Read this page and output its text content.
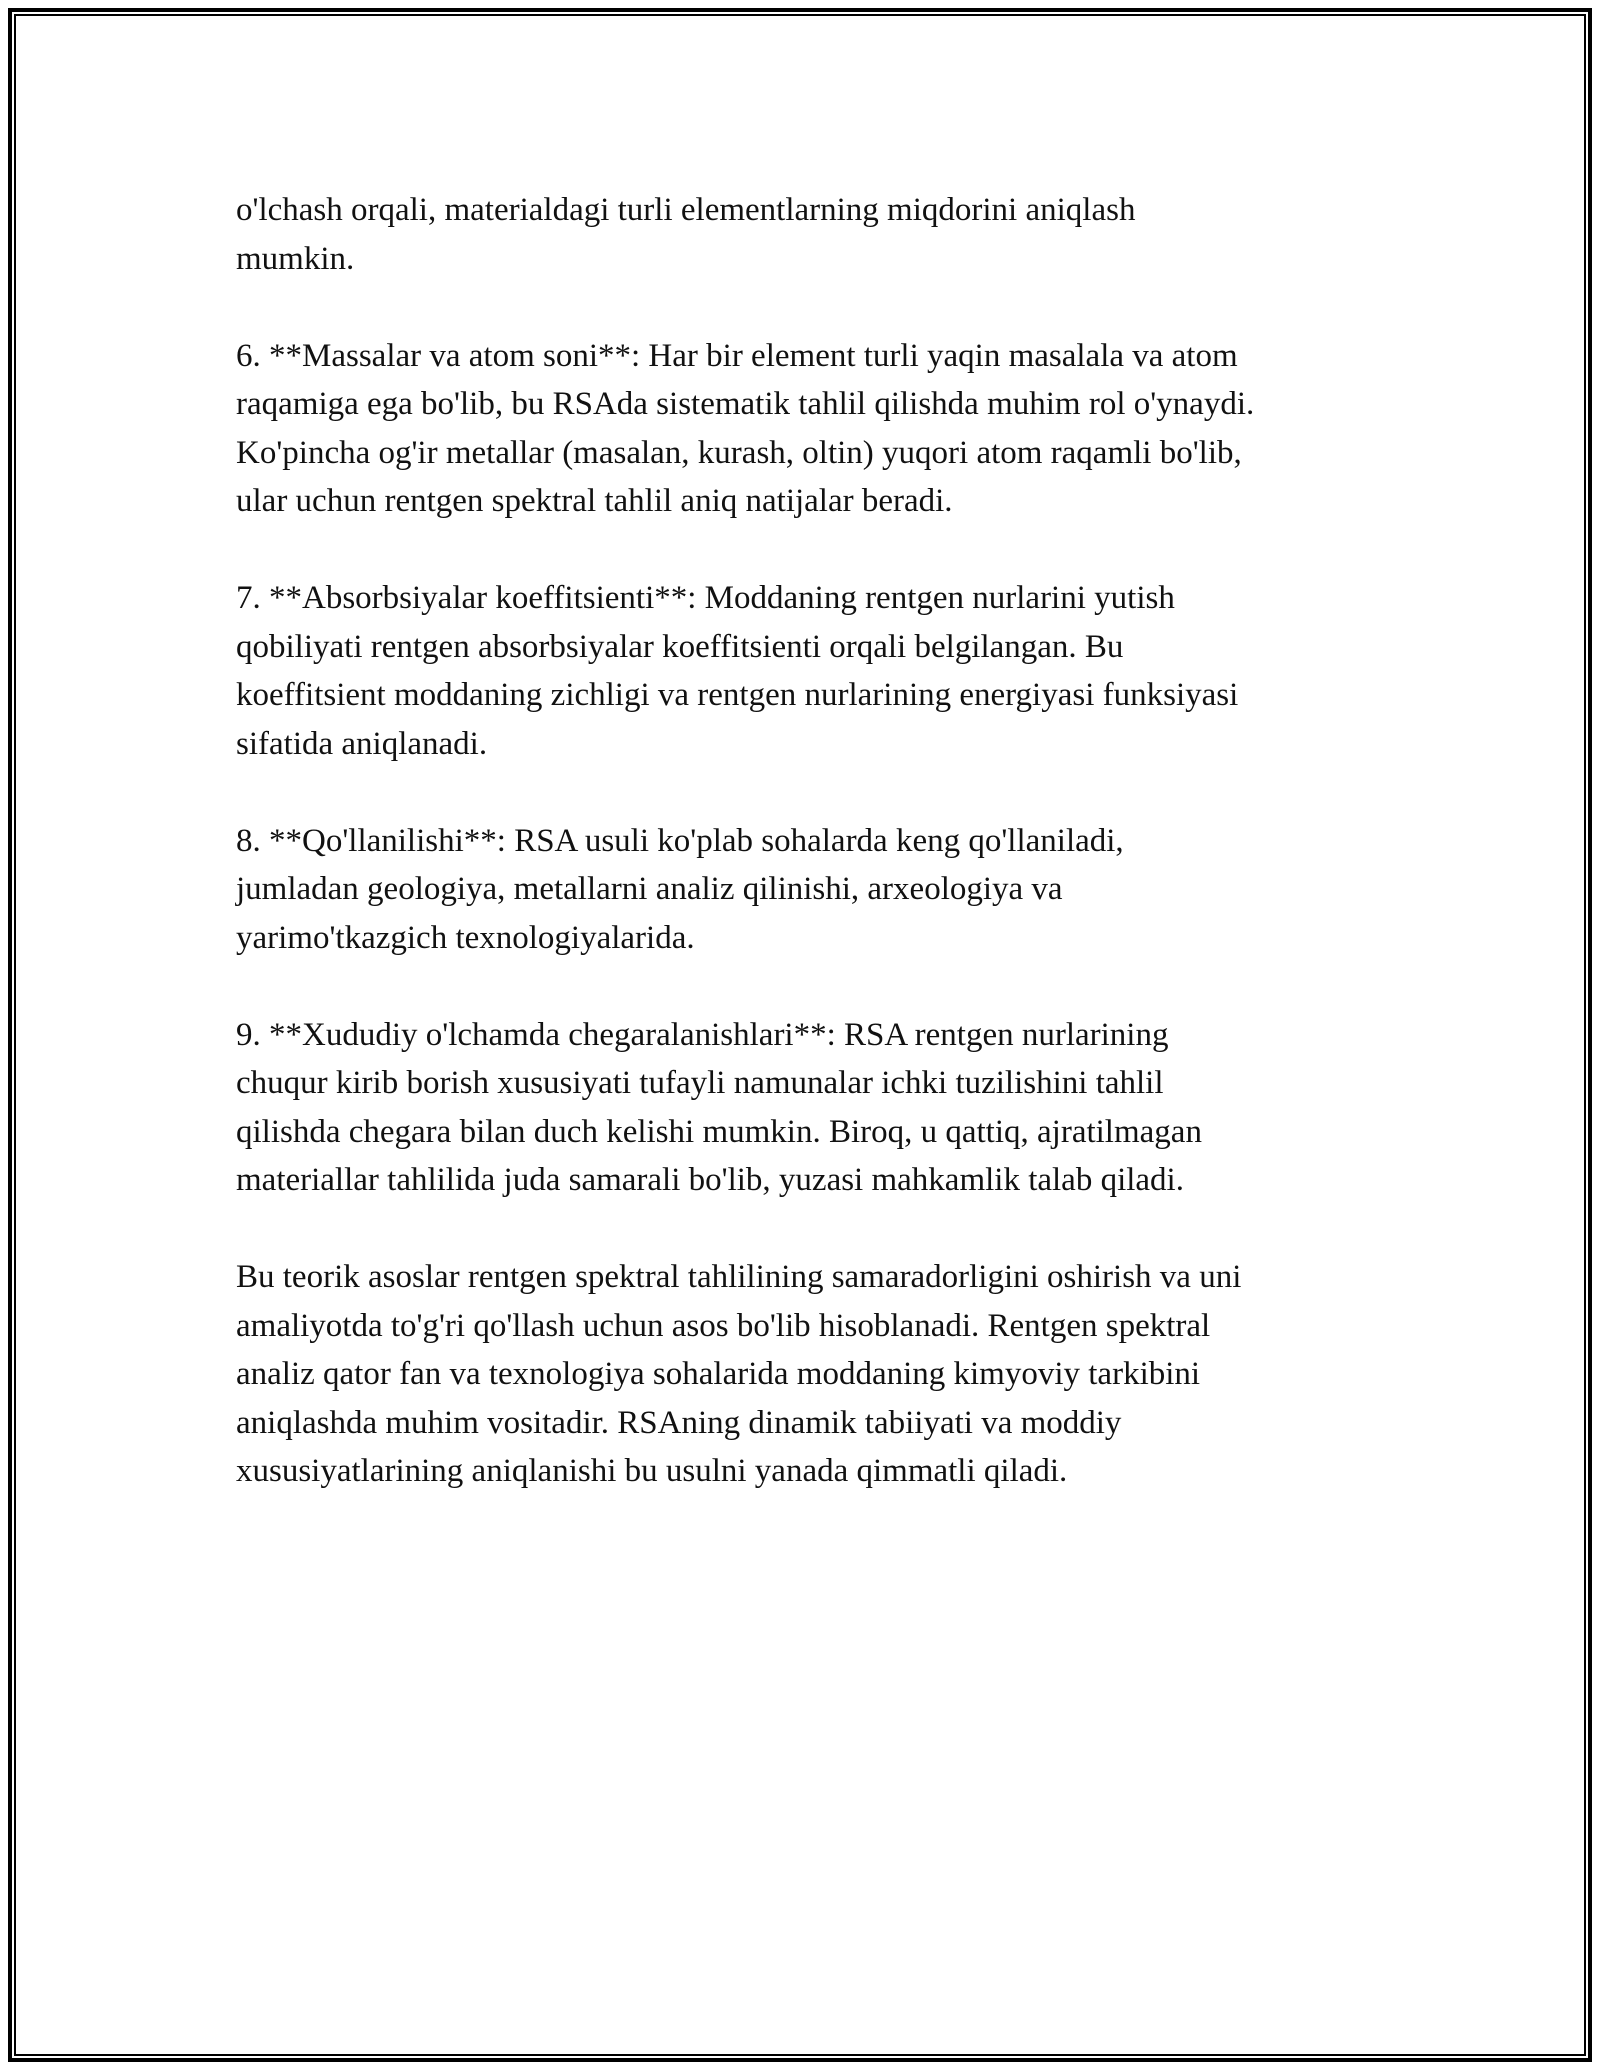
o'lchash orqali, materialdagi turli elementlarning miqdorini aniqlash
mumkin.

6. **Massalar va atom soni**: Har bir element turli yaqin masalala va atom
raqamiga ega bo'lib, bu RSAda sistematik tahlil qilishda muhim rol o'ynaydi.
Ko'pincha og'ir metallar (masalan, kurash, oltin) yuqori atom raqamli bo'lib,
ular uchun rentgen spektral tahlil aniq natijalar beradi.

7. **Absorbsiyalar koeffitsienti**: Moddaning rentgen nurlarini yutish
qobiliyati rentgen absorbsiyalar koeffitsienti orqali belgilangan. Bu
koeffitsient moddaning zichligi va rentgen nurlarining energiyasi funksiyasi
sifatida aniqlanadi.

8. **Qo'llanilishi**: RSA usuli ko'plab sohalarda keng qo'llaniladi,
jumladan geologiya, metallarni analiz qilinishi, arxeologiya va
yarimo'tkazgich texnologiyalarida.

9. **Xududiy o'lchamda chegaralanishlari**: RSA rentgen nurlarining
chuqur kirib borish xususiyati tufayli namunalar ichki tuzilishini tahlil
qilishda chegara bilan duch kelishi mumkin. Biroq, u qattiq, ajratilmagan
materiallar tahlilida juda samarali bo'lib, yuzasi mahkamlik talab qiladi.

Bu teorik asoslar rentgen spektral tahlilining samaradorligini oshirish va uni
amaliyotda to'g'ri qo'llash uchun asos bo'lib hisoblanadi. Rentgen spektral
analiz qator fan va texnologiya sohalarida moddaning kimyoviy tarkibini
aniqlashda muhim vositadir. RSAning dinamik tabiiyati va moddiy
xususiyatlarining aniqlanishi bu usulni yanada qimmatli qiladi.
